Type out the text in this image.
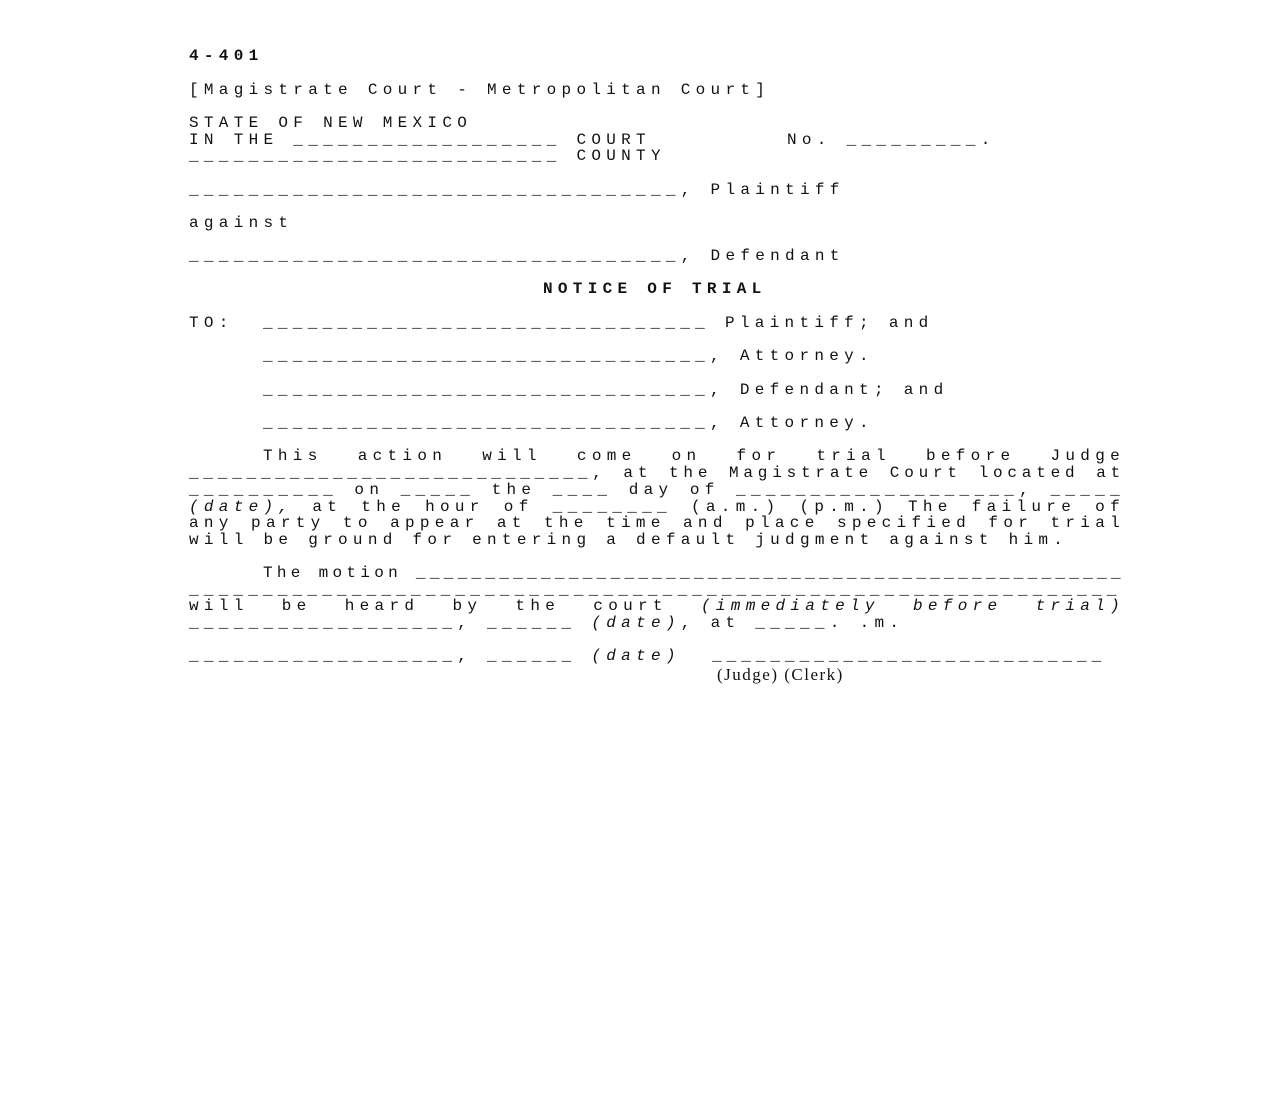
4-401
[Magistrate Court - Metropolitan Court]
STATE OF NEW MEXICO
IN THE __________________ COURT	No. _________.
_________________________ COUNTY
_________________________________, Plaintiff
against
_________________________________, Defendant
NOTICE OF TRIAL
TO: ______________________________ Plaintiff; and
______________________________, Attorney.
______________________________, Defendant; and
______________________________, Attorney.
This action will come on for trial before Judge
____________________________, at the Magistrate Court located at
__________ on _____ the ____ day of ___________________, _____
(date), at the hour of ________ (a.m.) (p.m.) The failure of
any party to appear at the time and place specified for trial
will be ground for entering a default judgment against him.
The motion ___________________________________________________
_______________________________________________________________
will be heard by the court (immediately before trial)
__________________, ______ (date), at _____. .m.
__________________, ______ (date) ___________________________
(Judge) (Clerk)
